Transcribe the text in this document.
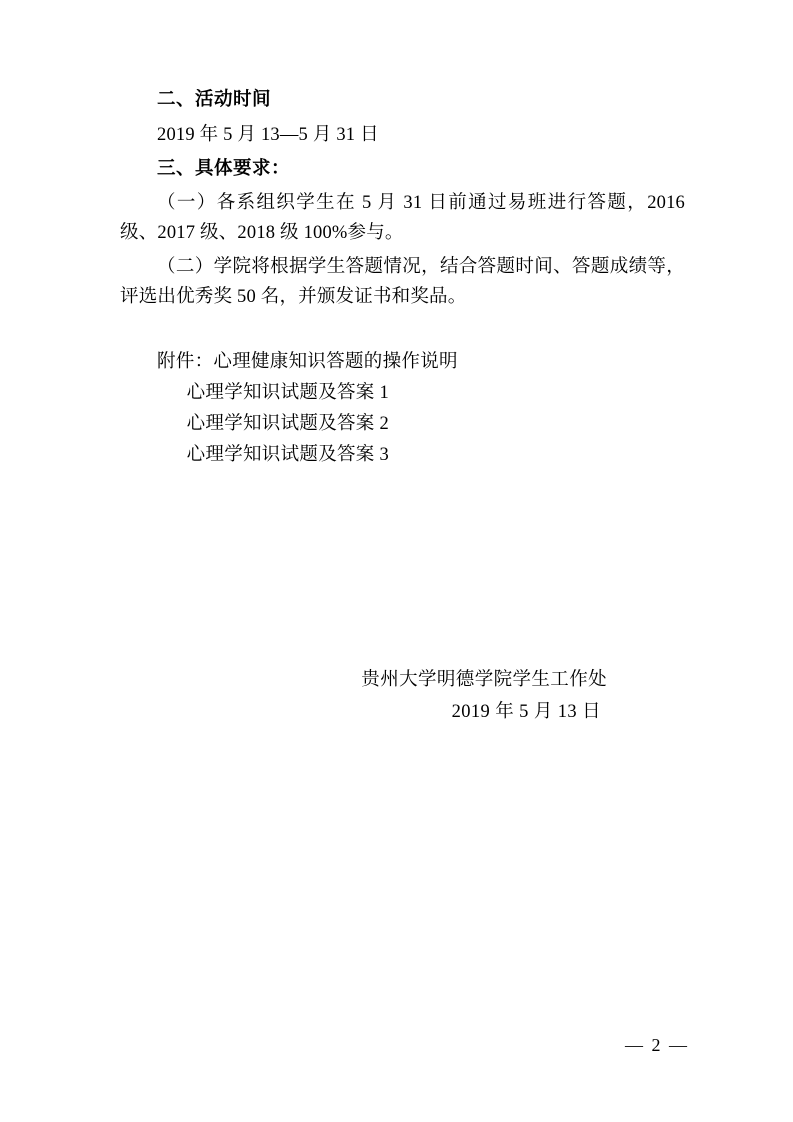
二、活动时间

2019 年 5 月 13—5 月 31 日

三、具体要求：

（一）各系组织学生在 5 月 31 日前通过易班进行答题，2016 级、2017 级、2018 级 100%参与。

（二）学院将根据学生答题情况，结合答题时间、答题成绩等，评选出优秀奖 50 名，并颁发证书和奖品。

附件：心理健康知识答题的操作说明

心理学知识试题及答案 1

心理学知识试题及答案 2

心理学知识试题及答案 3

贵州大学明德学院学生工作处

2019 年 5 月 13 日

— 2 —
